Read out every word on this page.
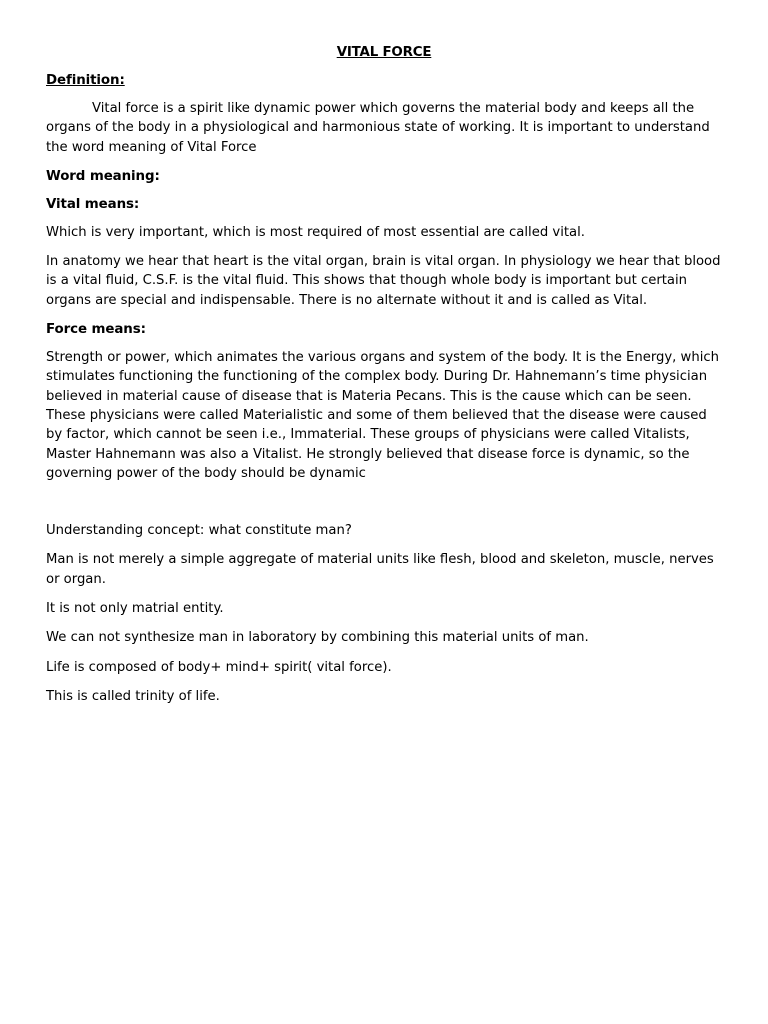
VITAL FORCE
Definition:

Vital force is a spirit like dynamic power which governs the material body and keeps all the organs of the body in a physiological and harmonious state of working. It is important to understand the word meaning of Vital Force

Word meaning:
Vital means:

Which is very important, which is most required of most essential are called vital.

In anatomy we hear that heart is the vital organ, brain is vital organ. In physiology we hear that blood is a vital fluid, C.S.F. is the vital fluid. This shows that though whole body is important but certain organs are special and indispensable. There is no alternate without it and is called as Vital.

Force means:

Strength or power, which animates the various organs and system of the body. It is the Energy, which stimulates functioning the functioning of the complex body. During Dr. Hahnemann’s time physician believed in material cause of disease that is Materia Pecans. This is the cause which can be seen. These physicians were called Materialistic and some of them believed that the disease were caused by factor, which cannot be seen i.e., Immaterial. These groups of physicians were called Vitalists, Master Hahnemann was also a Vitalist. He strongly believed that disease force is dynamic, so the governing power of the body should be dynamic

Understanding concept: what constitute man?

Man is not merely a simple aggregate of material units like flesh, blood and skeleton, muscle, nerves or organ.

It is not only matrial entity.

We can not synthesize man in laboratory by combining this material units of man.

Life is composed of body+ mind+ spirit( vital force).

This is called trinity of life.
